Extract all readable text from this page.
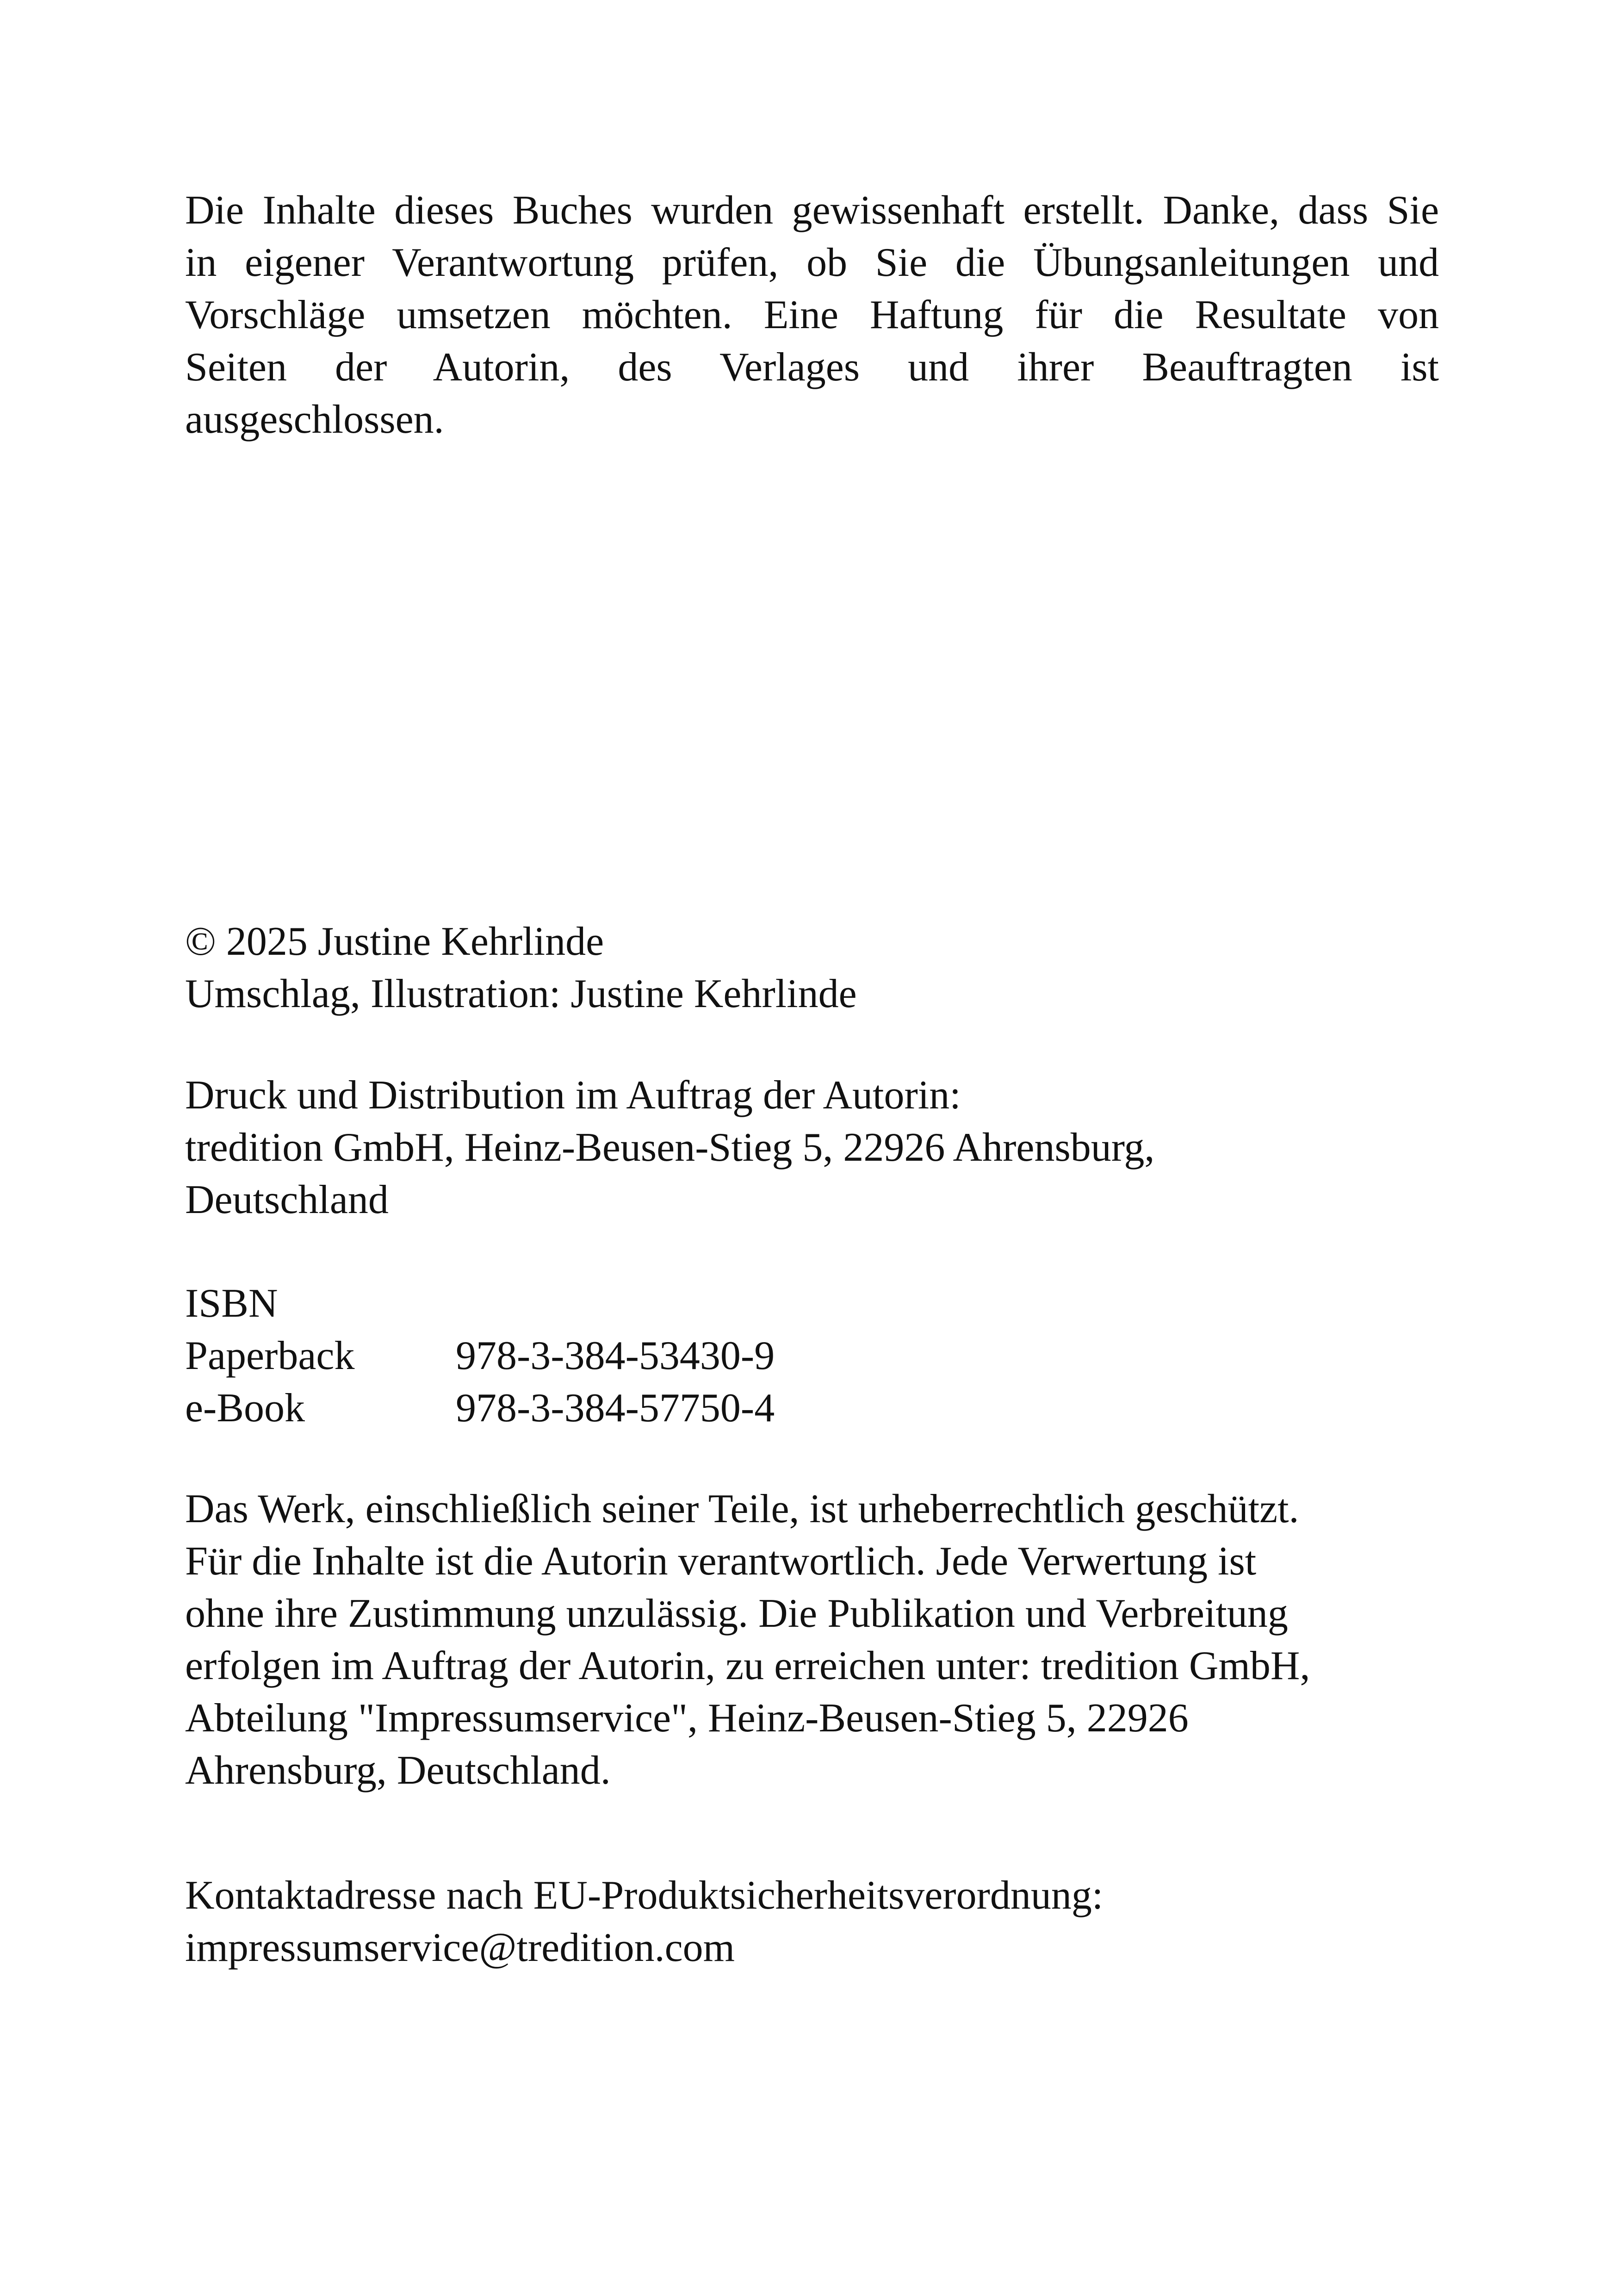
Die Inhalte dieses Buches wurden gewissenhaft erstellt. Danke, dass Sie
in eigener Verantwortung prüfen, ob Sie die Übungsanleitungen und
Vorschläge umsetzen möchten. Eine Haftung für die Resultate von
Seiten der Autorin, des Verlages und ihrer Beauftragten ist
ausgeschlossen.
© 2025 Justine Kehrlinde
Umschlag, Illustration: Justine Kehrlinde
Druck und Distribution im Auftrag der Autorin:
tredition GmbH, Heinz-Beusen-Stieg 5, 22926 Ahrensburg,
Deutschland
ISBN
Paperback 978-3-384-53430-9
e-Book	978-3-384-57750-4
Das Werk, einschließlich seiner Teile, ist urheberrechtlich geschützt.
Für die Inhalte ist die Autorin verantwortlich. Jede Verwertung ist
ohne ihre Zustimmung unzulässig. Die Publikation und Verbreitung
erfolgen im Auftrag der Autorin, zu erreichen unter: tredition GmbH,
Abteilung "Impressumservice", Heinz-Beusen-Stieg 5, 22926
Ahrensburg, Deutschland.
Kontaktadresse nach EU-Produktsicherheitsverordnung:
impressumservice@tredition.com
